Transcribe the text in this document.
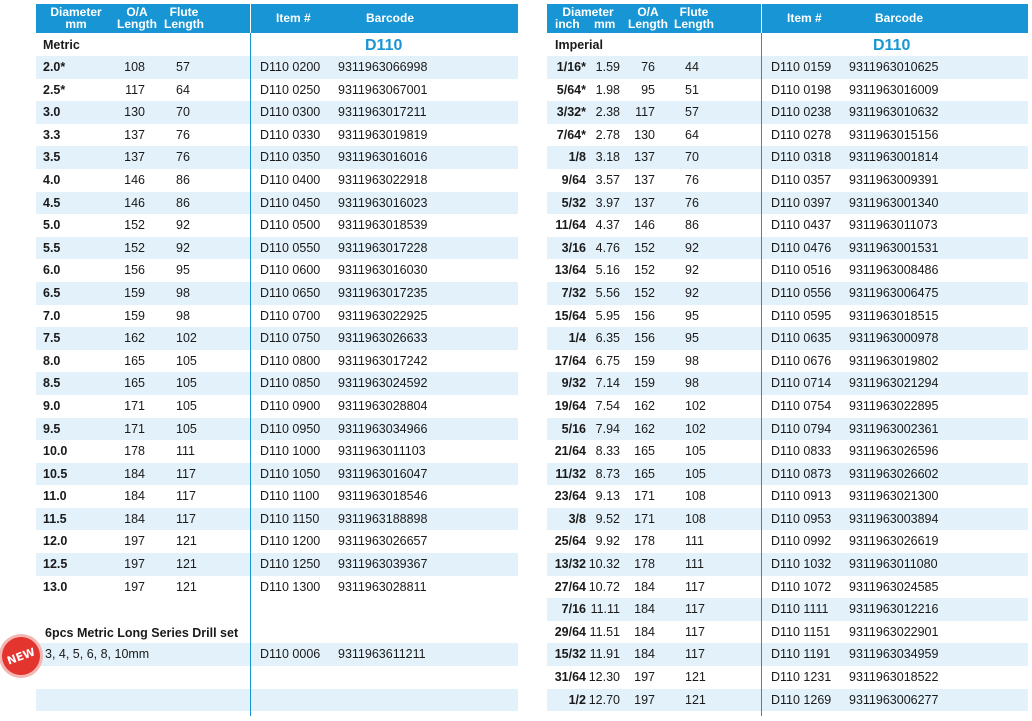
Diameter
mm
O/A
Length
Flute
Length	Item #	Barcode
Metric	D110
2.0*	108 57	D110 0200 9311963066998
2.5*	117 64	D110 0250 9311963067001
3.0	130 70	D110 0300 9311963017211
3.3	137 76	D110 0330 9311963019819
3.5	137 76	D110 0350 9311963016016
4.0	146 86	D110 0400 9311963022918
4.5	146 86	D110 0450 9311963016023
5.0	152 92	D110 0500 9311963018539
5.5	152 92	D110 0550 9311963017228
6.0	156 95	D110 0600 9311963016030
6.5	159 98	D110 0650 9311963017235
7.0	159 98	D110 0700 9311963022925
7.5	162 102	D110 0750 9311963026633
8.0	165 105	D110 0800 9311963017242
8.5	165 105	D110 0850 9311963024592
9.0	171 105	D110 0900 9311963028804
9.5	171 105	D110 0950 9311963034966
10.0	178 111	D110 1000 9311963011103
10.5	184 117	D110 1050 9311963016047
11.0	184 117	D110 1100 9311963018546
11.5	184 117	D110 1150 9311963188898
12.0	197 121	D110 1200 9311963026657
12.5	197 121	D110 1250 9311963039367
13.0	197 121	D110 1300 9311963028811
6pcs Metric Long Series Drill set
3, 4, 5, 6, 8, 10mm	D110 0006 9311963611211
NEW
Diameter
inch mm
O/A
Length
Flute
Length	Item #	Barcode
Imperial	D110
1/16* 1.59 76 44	D110 0159 9311963010625
5/64* 1.98 95 51	D110 0198 9311963016009
3/32* 2.38 117 57	D110 0238 9311963010632
7/64* 2.78 130 64	D110 0278 9311963015156
1/8 3.18 137 70	D110 0318 9311963001814
9/64 3.57 137 76	D110 0357 9311963009391
5/32 3.97 137 76	D110 0397 9311963001340
11/64 4.37 146 86	D110 0437 9311963011073
3/16 4.76 152 92	D110 0476 9311963001531
13/64 5.16 152 92	D110 0516 9311963008486
7/32 5.56 152 92	D110 0556 9311963006475
15/64 5.95 156 95	D110 0595 9311963018515
1/4 6.35 156 95	D110 0635 9311963000978
17/64 6.75 159 98	D110 0676 9311963019802
9/32 7.14 159 98	D110 0714 9311963021294
19/64 7.54 162 102	D110 0754 9311963022895
5/16 7.94 162 102	D110 0794 9311963002361
21/64 8.33 165 105	D110 0833 9311963026596
11/32 8.73 165 105	D110 0873 9311963026602
23/64 9.13 171 108	D110 0913 9311963021300
3/8 9.52 171 108	D110 0953 9311963003894
25/64 9.92 178 111	D110 0992 9311963026619
13/32 10.32 178 111	D110 1032 9311963011080
27/64 10.72 184 117	D110 1072 9311963024585
7/16 11.11 184 117	D110 1111 9311963012216
29/64 11.51 184 117	D110 1151 9311963022901
15/32 11.91 184 117	D110 1191 9311963034959
31/64 12.30 197 121	D110 1231 9311963018522
1/2 12.70 197 121	D110 1269 9311963006277
